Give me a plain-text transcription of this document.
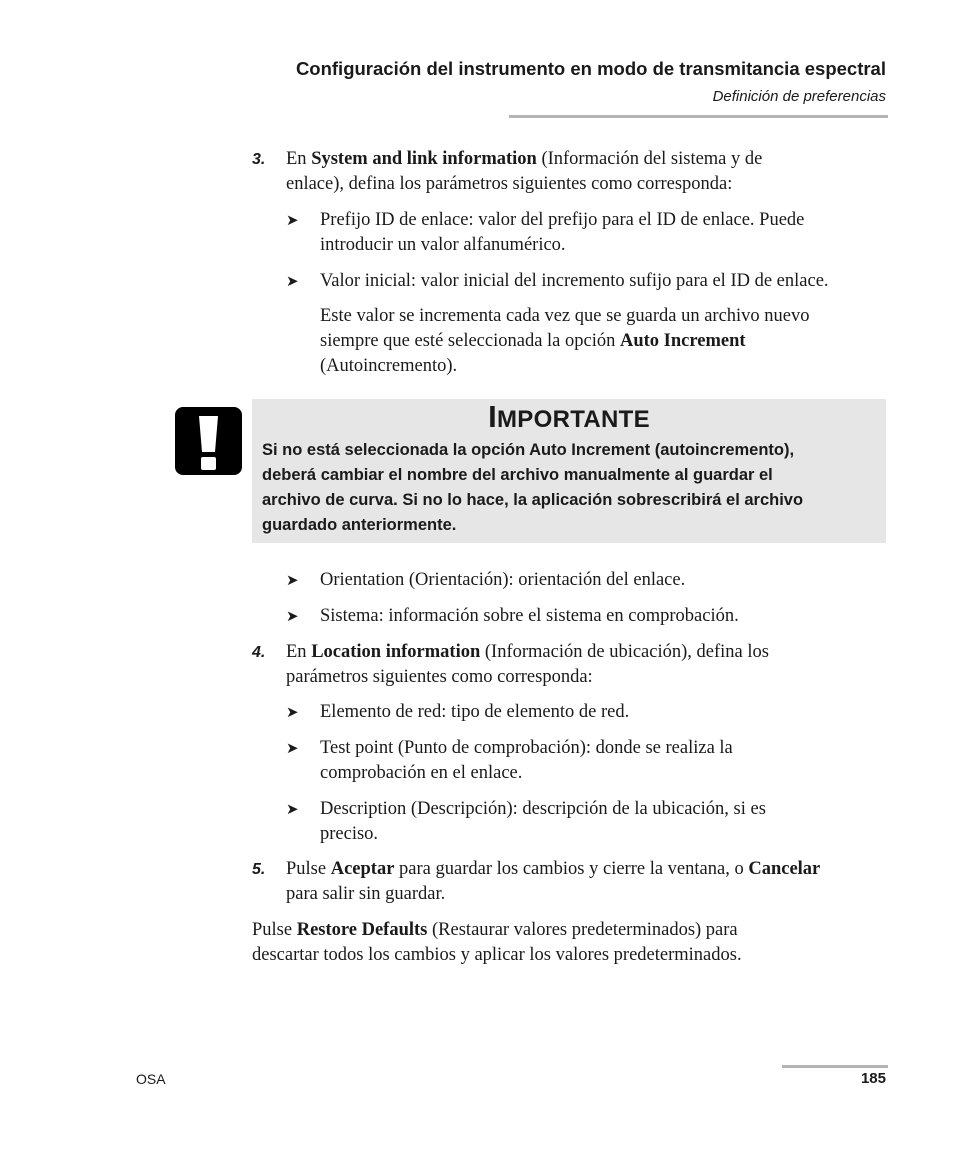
Configuración del instrumento en modo de transmitancia espectral
Definición de preferencias
3. En System and link information (Información del sistema y de
enlace), defina los parámetros siguientes como corresponda:
➤ Prefijo ID de enlace: valor del prefijo para el ID de enlace. Puede
introducir un valor alfanumérico.
➤ Valor inicial: valor inicial del incremento sufijo para el ID de enlace.
Este valor se incrementa cada vez que se guarda un archivo nuevo
siempre que esté seleccionada la opción Auto Increment
(Autoincremento).
IMPORTANTE
Si no está seleccionada la opción Auto Increment (autoincremento),
deberá cambiar el nombre del archivo manualmente al guardar el
archivo de curva. Si no lo hace, la aplicación sobrescribirá el archivo
guardado anteriormente.
➤ Orientation (Orientación): orientación del enlace.
➤ Sistema: información sobre el sistema en comprobación.
4. En Location information (Información de ubicación), defina los
parámetros siguientes como corresponda:
➤ Elemento de red: tipo de elemento de red.
➤ Test point (Punto de comprobación): donde se realiza la
comprobación en el enlace.
➤ Description (Descripción): descripción de la ubicación, si es
preciso.
5. Pulse Aceptar para guardar los cambios y cierre la ventana, o Cancelar
para salir sin guardar.
Pulse Restore Defaults (Restaurar valores predeterminados) para
descartar todos los cambios y aplicar los valores predeterminados.
OSA	185
